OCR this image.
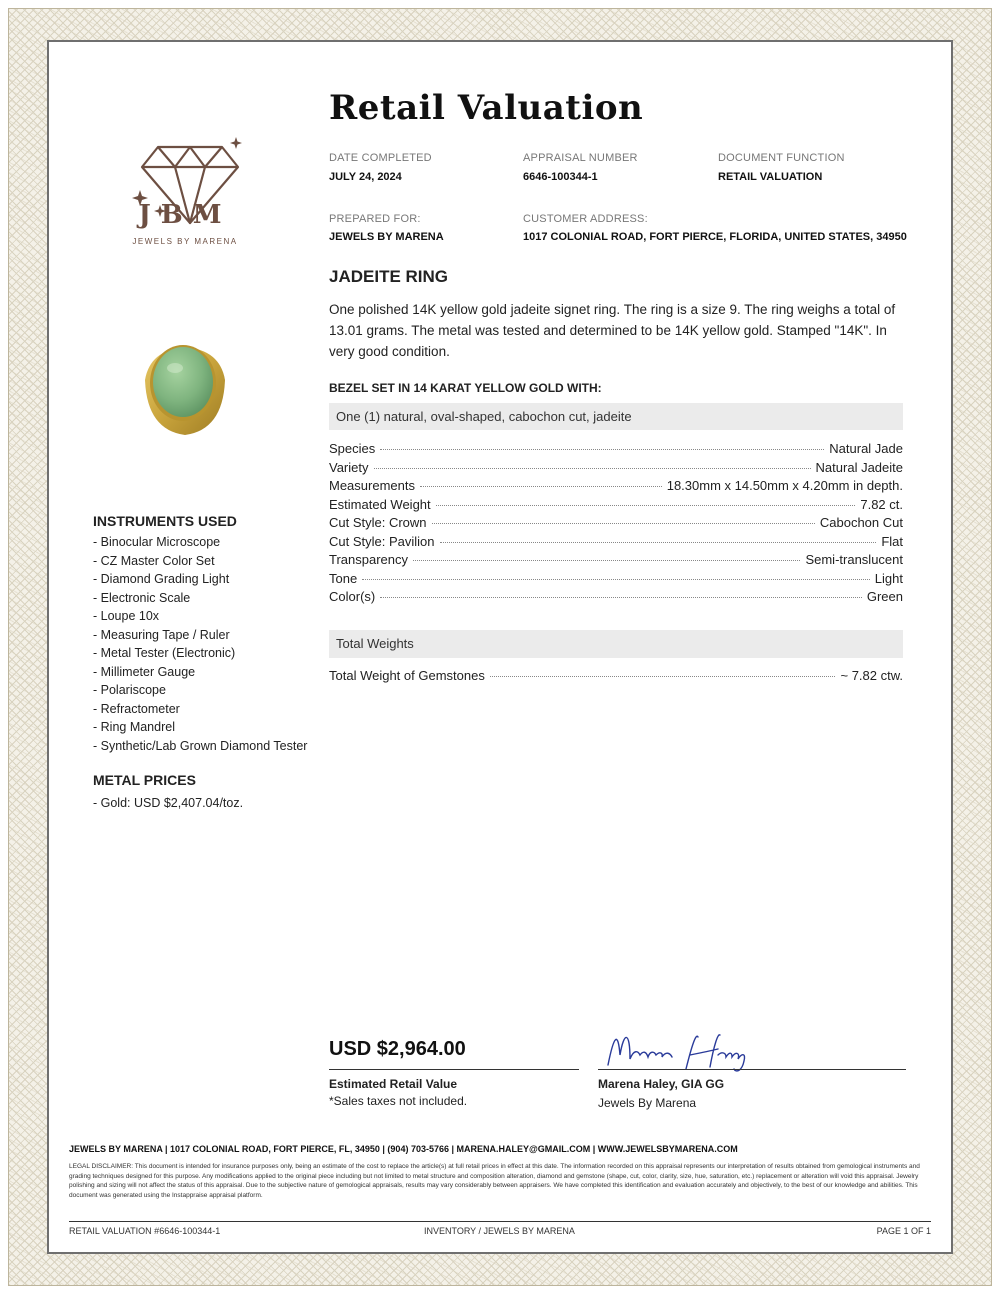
JBM
JEWELS BY MARENA
Retail Valuation
DATE COMPLETED
JULY 24, 2024
APPRAISAL NUMBER
6646-100344-1
DOCUMENT FUNCTION
RETAIL VALUATION
PREPARED FOR:
JEWELS BY MARENA
CUSTOMER ADDRESS:
1017 COLONIAL ROAD, FORT PIERCE, FLORIDA, UNITED STATES, 34950
JADEITE RING
One polished 14K yellow gold jadeite signet ring. The ring is a size 9. The ring weighs a total of 13.01 grams. The metal was tested and determined to be 14K yellow gold. Stamped "14K". In very good condition.
BEZEL SET IN 14 KARAT YELLOW GOLD WITH:
One (1) natural, oval-shaped, cabochon cut, jadeite
Species	Natural Jade
Variety	Natural Jadeite
Measurements	18.30mm x 14.50mm x 4.20mm in depth.
Estimated Weight	7.82 ct.
Cut Style: Crown	Cabochon Cut
Cut Style: Pavilion	Flat
Transparency	Semi-translucent
Tone	Light
Color(s)	Green
Total Weights
Total Weight of Gemstones	~ 7.82 ctw.
INSTRUMENTS USED
- Binocular Microscope
- CZ Master Color Set
- Diamond Grading Light
- Electronic Scale
- Loupe 10x
- Measuring Tape / Ruler
- Metal Tester (Electronic)
- Millimeter Gauge
- Polariscope
- Refractometer
- Ring Mandrel
- Synthetic/Lab Grown Diamond Tester
METAL PRICES
- Gold: USD $2,407.04/toz.
USD $2,964.00
Estimated Retail Value
*Sales taxes not included.
Marena Haley, GIA GG
Jewels By Marena
JEWELS BY MARENA | 1017 COLONIAL ROAD, FORT PIERCE, FL, 34950 | (904) 703-5766 | MARENA.HALEY@GMAIL.COM | WWW.JEWELSBYMARENA.COM
LEGAL DISCLAIMER: This document is intended for insurance purposes only, being an estimate of the cost to replace the article(s) at full retail prices in effect at this date. The information recorded on this appraisal represents our interpretation of results obtained from gemological instruments and grading techniques designed for this purpose. Any modifications applied to the original piece including but not limited to metal structure and composition alteration, diamond and gemstone (shape, cut, color, clarity, size, hue, saturation, etc.) replacement or alteration will void this appraisal. Jewelry polishing and sizing will not affect the status of this appraisal. Due to the subjective nature of gemological appraisals, results may vary considerably between appraisers. We have completed this identification and evaluation accurately and objectively, to the best of our knowledge and abilities. This document was generated using the Instappraise appraisal platform.
RETAIL VALUATION #6646-100344-1	INVENTORY / JEWELS BY MARENA	PAGE 1 OF 1
